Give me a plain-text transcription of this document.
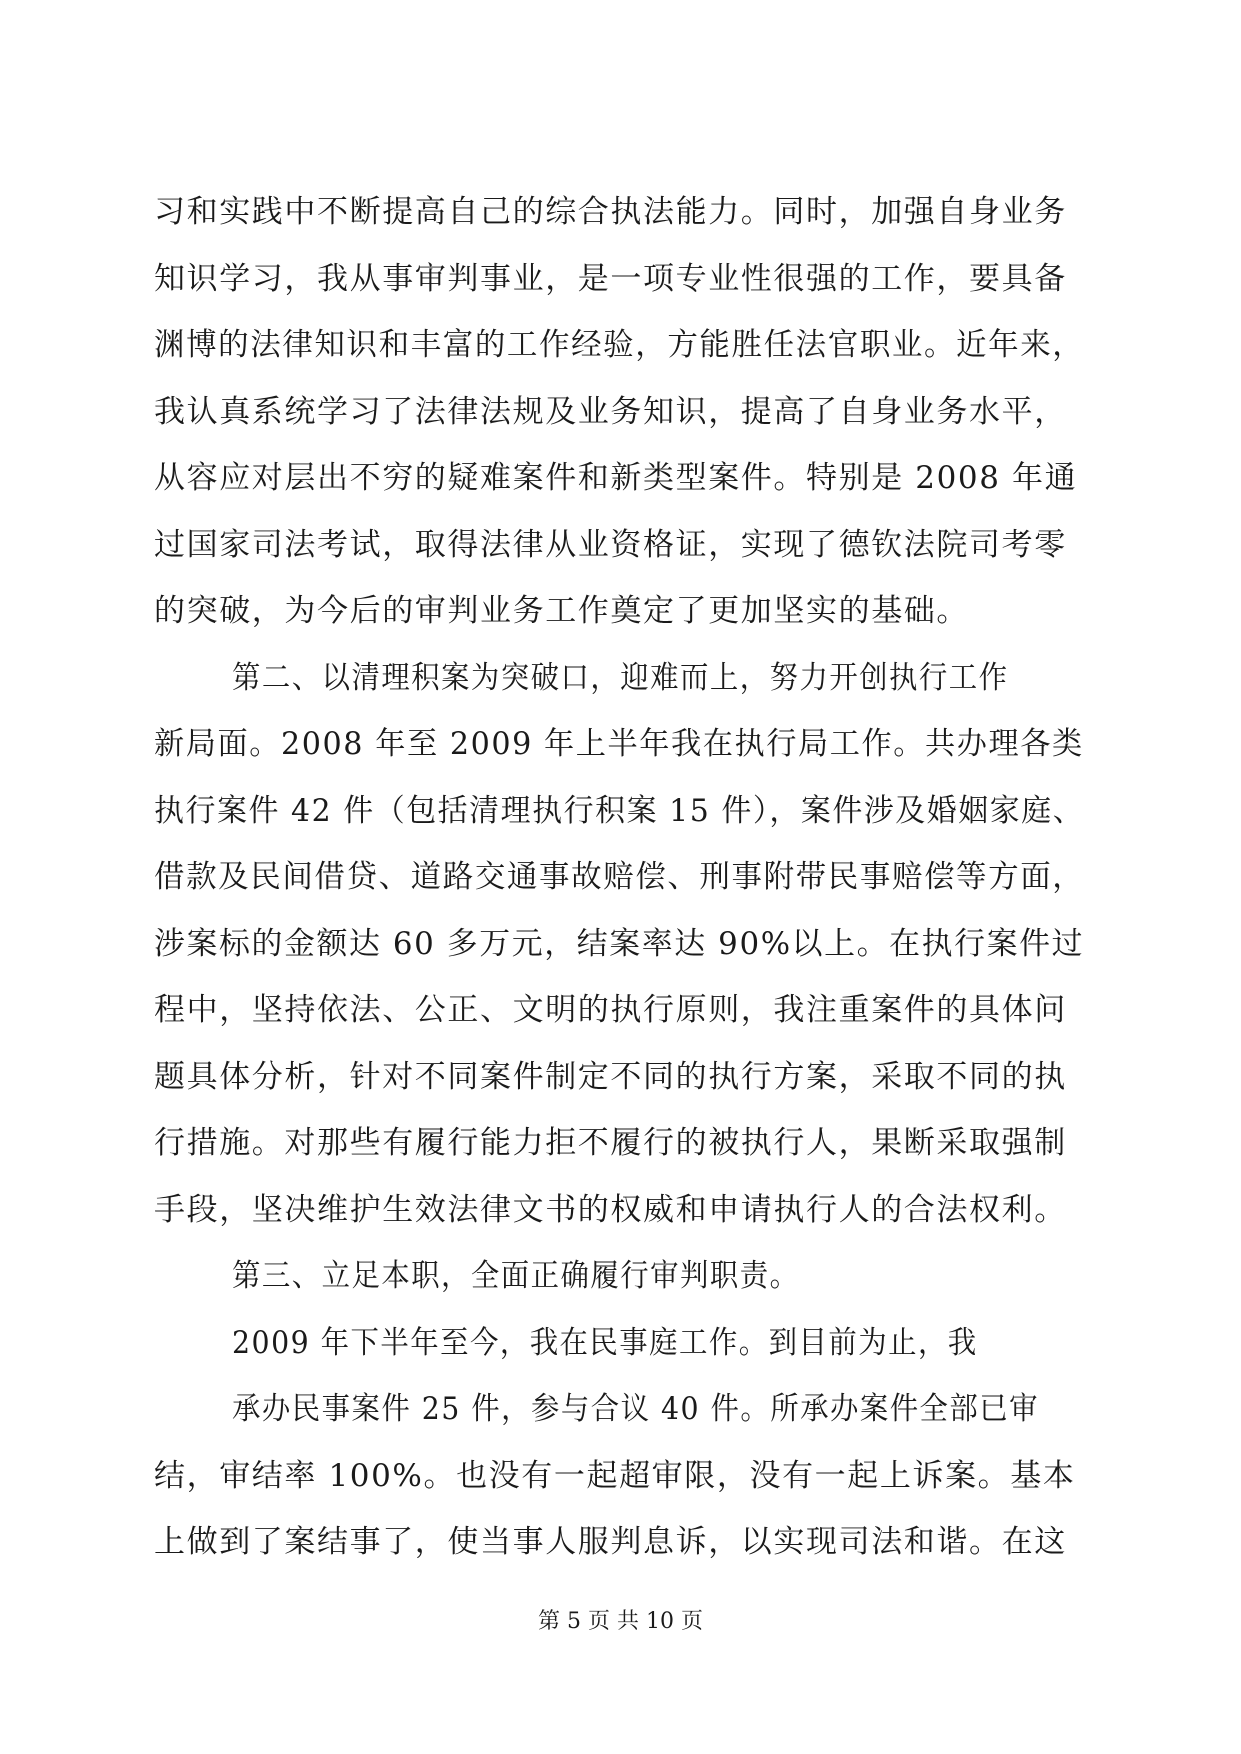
习和实践中不断提高自己的综合执法能力。同时，加强自身业务
知识学习，我从事审判事业，是一项专业性很强的工作，要具备
渊博的法律知识和丰富的工作经验，方能胜任法官职业。近年来，
我认真系统学习了法律法规及业务知识，提高了自身业务水平，
从容应对层出不穷的疑难案件和新类型案件。特别是 2008 年通
过国家司法考试，取得法律从业资格证，实现了德钦法院司考零
的突破，为今后的审判业务工作奠定了更加坚实的基础。
第二、以清理积案为突破口，迎难而上，努力开创执行工作
新局面。2008 年至 2009 年上半年我在执行局工作。共办理各类
执行案件 42 件（包括清理执行积案 15 件），案件涉及婚姻家庭、
借款及民间借贷、道路交通事故赔偿、刑事附带民事赔偿等方面，
涉案标的金额达 60 多万元，结案率达 90%以上。在执行案件过
程中，坚持依法、公正、文明的执行原则，我注重案件的具体问
题具体分析，针对不同案件制定不同的执行方案，采取不同的执
行措施。对那些有履行能力拒不履行的被执行人，果断采取强制
手段，坚决维护生效法律文书的权威和申请执行人的合法权利。
第三、立足本职，全面正确履行审判职责。
2009 年下半年至今，我在民事庭工作。到目前为止，我
承办民事案件 25 件，参与合议 40 件。所承办案件全部已审
结，审结率 100%。也没有一起超审限，没有一起上诉案。基本
上做到了案结事了，使当事人服判息诉，以实现司法和谐。在这
第 5 页 共 10 页
